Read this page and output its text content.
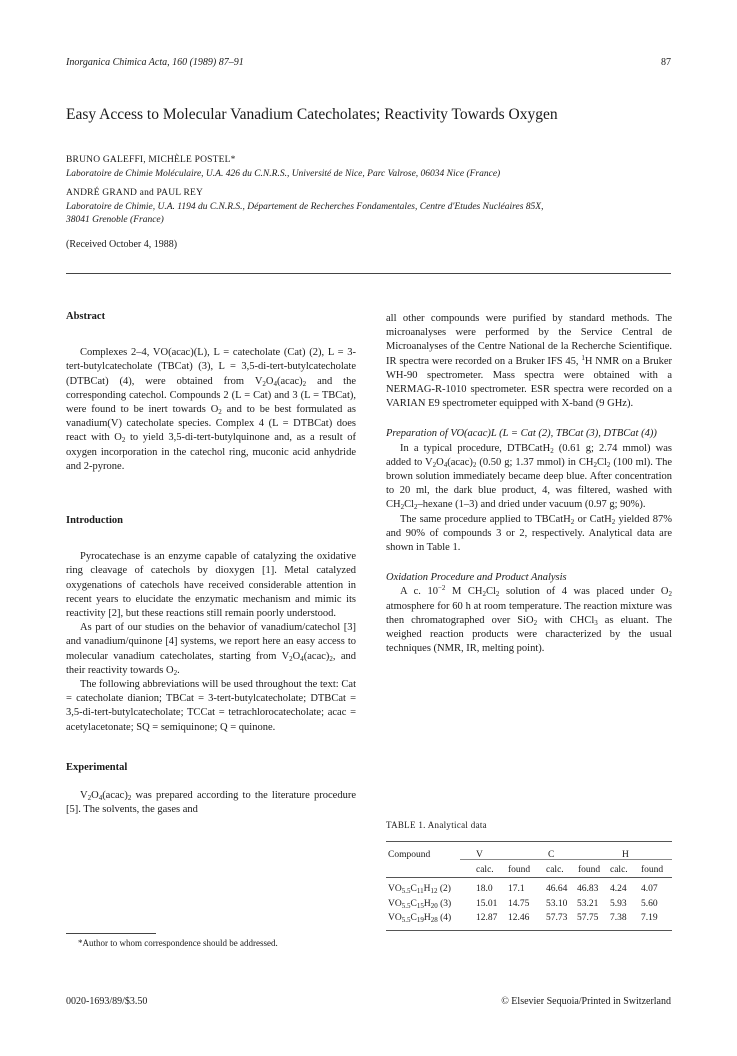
Inorganica Chimica Acta, 160 (1989) 87–91	87
Easy Access to Molecular Vanadium Catecholates; Reactivity Towards Oxygen
BRUNO GALEFFI, MICHÈLE POSTEL*
Laboratoire de Chimie Moléculaire, U.A. 426 du C.N.R.S., Université de Nice, Parc Valrose, 06034 Nice (France)
ANDRÉ GRAND and PAUL REY
Laboratoire de Chimie, U.A. 1194 du C.N.R.S., Département de Recherches Fondamentales, Centre d'Etudes Nucléaires 85X,
38041 Grenoble (France)
(Received October 4, 1988)
Abstract

Complexes 2–4, VO(acac)(L), L = catecholate (Cat) (2), L = 3-tert-butylcatecholate (TBCat) (3), L = 3,5-di-tert-butylcatecholate (DTBCat) (4), were obtained from $V_2O_4(acac)_2$ and the corresponding catechol. Compounds 2 (L = Cat) and 3 (L = TBCat), were found to be inert towards $O_2$ and to be best formulated as vanadium(V) catecholate species. Complex 4 (L = DTBCat) does react with $O_2$ to yield 3,5-di-tert-butylquinone and, as a result of oxygen incorporation in the catechol ring, muconic acid anhydride and 2-pyrone.

Introduction

Pyrocatechase is an enzyme capable of catalyzing the oxidative ring cleavage of catechols by dioxygen [1]. Metal catalyzed oxygenations of catechols have received considerable attention in recent years to elucidate the enzymatic mechanism and mimic its reactivity [2], but these reactions still remain poorly understood.

As part of our studies on the behavior of vanadium/catechol [3] and vanadium/quinone [4] systems, we report here an easy access to molecular vanadium catecholates, starting from $V_2O_4(acac)_2$, and their reactivity towards $O_2$.

The following abbreviations will be used throughout the text: Cat = catecholate dianion; TBCat = 3-tert-butylcatecholate; DTBCat = 3,5-di-tert-butylcatecholate; TCCat = tetrachlorocatecholate; acac = acetylacetonate; SQ = semiquinone; Q = quinone.

Experimental

$V_2O_4(acac)_2$ was prepared according to the literature procedure [5]. The solvents, the gases and

*Author to whom correspondence should be addressed.

all other compounds were purified by standard methods. The microanalyses were performed by the Service Central de Microanalyses of the Centre National de la Recherche Scientifique. IR spectra were recorded on a Bruker IFS 45, $^1$H NMR on a Bruker WH-90 spectrometer. Mass spectra were obtained with a NERMAG-R-1010 spectrometer. ESR spectra were recorded on a VARIAN E9 spectrometer equipped with X-band (9 GHz).

Preparation of VO(acac)L (L = Cat (2), TBCat (3), DTBCat (4))

In a typical procedure, DTBCatH$_2$ (0.61 g; 2.74 mmol) was added to $V_2O_4(acac)_2$ (0.50 g; 1.37 mmol) in $CH_2Cl_2$ (100 ml). The brown solution immediately became deep blue. After concentration to 20 ml, the dark blue product, 4, was filtered, washed with $CH_2Cl_2$–hexane (1–3) and dried under vacuum (0.97 g; 90%).

The same procedure applied to TBCatH$_2$ or CatH$_2$ yielded 87% and 90% of compounds 3 or 2, respectively. Analytical data are shown in Table 1.

Oxidation Procedure and Product Analysis

A c. $10^{-2}$ M $CH_2Cl_2$ solution of 4 was placed under $O_2$ atmosphere for 60 h at room temperature. The reaction mixture was then chromatographed over SiO$_2$ with CHCl$_3$ as eluant. The weighed reaction products were characterized by the usual techniques (NMR, IR, melting point).

TABLE 1. Analytical data
Compound	V	C	H
calc. found calc. found calc. found
$VO_{5.5}C_{11}H_{12}$ (2)	18.0 17.1 46.64 46.83 4.24 4.07
$VO_{5.5}C_{15}H_{20}$ (3)	15.01 14.75 53.10 53.21 5.93 5.60
$VO_{5.5}C_{19}H_{28}$ (4)	12.87 12.46 57.73 57.75 7.38 7.19
0020-1693/89/$3.50	© Elsevier Sequoia/Printed in Switzerland
